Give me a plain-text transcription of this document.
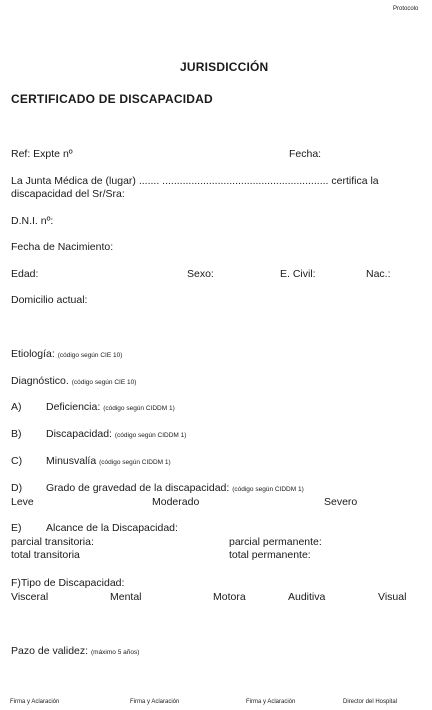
Protocolo
JURISDICCIÓN
CERTIFICADO DE DISCAPACIDAD
Ref: Expte nº	Fecha:
La Junta Médica de (lugar) ....... ......................................................... certifica la
discapacidad del Sr/Sra:
D.N.I. nº:
Fecha de Nacimiento:
Edad:	Sexo:	E. Civil:	Nac.:
Domicilio actual:
Etiología: (código según CIE 10)
Diagnóstico. (código según CIE 10)
A) Deficiencia: (código según CIDDM 1)
B) Discapacidad: (código según CIDDM 1)
C) Minusvalía (código según CIDDM 1)
D) Grado de gravedad de la discapacidad: (código según CIDDM 1)
Leve	Moderado	Severo
E) Alcance de la Discapacidad:
parcial transitoria:	parcial permanente:
total transitoria	total permanente:
F)Tipo de Discapacidad:
Visceral	Mental	Motora	Auditiva	Visual
Pazo de validez: (máximo 5 años)
Firma y Aclaración	Firma y Aclaración	Firma y Aclaración	Director del Hospital
